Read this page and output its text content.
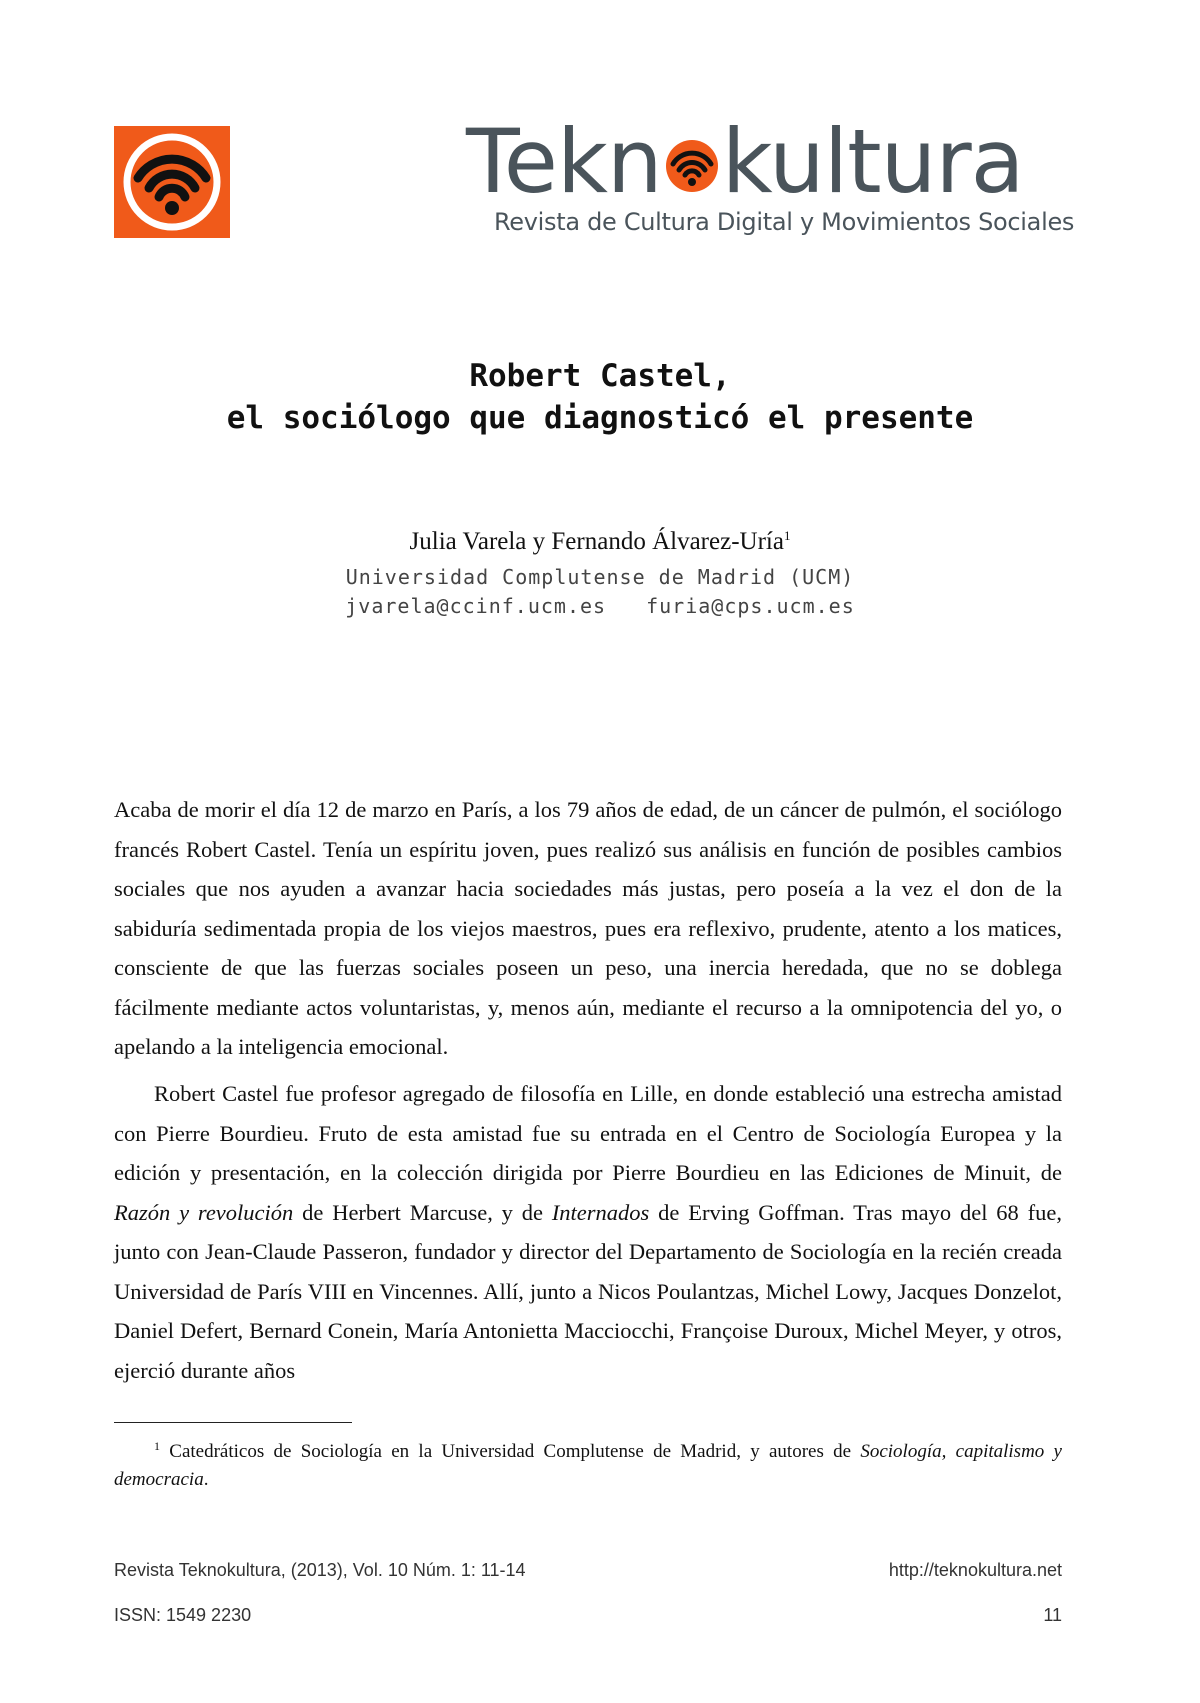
Tekn kultura
Revista de Cultura Digital y Movimientos Sociales
Robert Castel,
el sociólogo que diagnosticó el presente
Julia Varela y Fernando Álvarez-Uría$^1$
Universidad Complutense de Madrid (UCM)
jvarela@ccinf.ucm.es furia@cps.ucm.es

Acaba de morir el día 12 de marzo en París, a los 79 años de edad, de un cáncer de pulmón, el sociólogo francés Robert Castel. Tenía un espíritu joven, pues realizó sus análisis en función de posibles cambios sociales que nos ayuden a avanzar hacia sociedades más justas, pero poseía a la vez el don de la sabiduría sedimentada propia de los viejos maestros, pues era reflexivo, prudente, atento a los matices, consciente de que las fuerzas sociales poseen un peso, una inercia heredada, que no se doblega fácilmente mediante actos voluntaristas, y, menos aún, mediante el recurso a la omnipotencia del yo, o apelando a la inteligencia emocional.

Robert Castel fue profesor agregado de filosofía en Lille, en donde estableció una estrecha amistad con Pierre Bourdieu. Fruto de esta amistad fue su entrada en el Centro de Sociología Europea y la edición y presentación, en la colección dirigida por Pierre Bourdieu en las Ediciones de Minuit, de Razón y revolución de Herbert Marcuse, y de Internados de Erving Goffman. Tras mayo del 68 fue, junto con Jean-Claude Passeron, fundador y director del Departamento de Sociología en la recién creada Universidad de París VIII en Vincennes. Allí, junto a Nicos Poulantzas, Michel Lowy, Jacques Donzelot, Daniel Defert, Bernard Conein, María Antonietta Macciocchi, Françoise Duroux, Michel Meyer, y otros, ejerció durante años

$^1$ Catedráticos de Sociología en la Universidad Complutense de Madrid, y autores de Sociología, capitalismo y democracia.

Revista Teknokultura, (2013), Vol. 10 Núm. 1: 11-14	http://teknokultura.net
ISSN: 1549 2230	11
